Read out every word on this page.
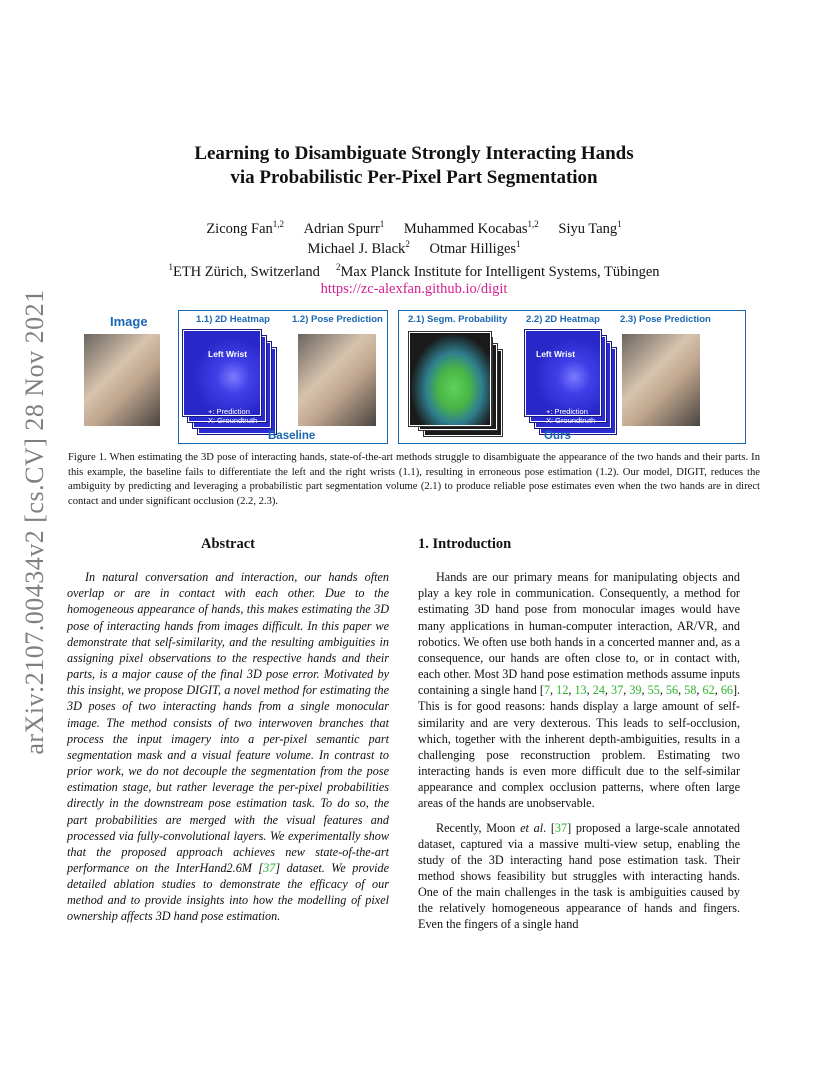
arXiv:2107.00434v2 [cs.CV] 28 Nov 2021
Learning to Disambiguate Strongly Interacting Hands
via Probabilistic Per-Pixel Part Segmentation
Zicong Fan$^{1,2}$ Adrian Spurr$^1$ Muhammed Kocabas$^{1,2}$ Siyu Tang$^1$
Michael J. Black$^2$ Otmar Hilliges$^1$
$^1$ETH Zürich, Switzerland $^2$Max Planck Institute for Intelligent Systems, Tübingen
https://zc-alexfan.github.io/digit
Image	1.1) 2D Heatmap 1.2) Pose Prediction
Left Wrist
+: Prediction
X: Groundtruth
Baseline
2.1) Segm. Probability 2.2) 2D Heatmap 2.3) Pose Prediction
Left Wrist
+: Prediction
X: Groundtruth
Ours
Figure 1. When estimating the 3D pose of interacting hands, state-of-the-art methods struggle to disambiguate the appearance of the two hands and their parts. In this example, the baseline fails to differentiate the left and the right wrists (1.1), resulting in erroneous pose estimation (1.2). Our model, DIGIT, reduces the ambiguity by predicting and leveraging a probabilistic part segmentation volume (2.1) to produce reliable pose estimates even when the two hands are in direct contact and under significant occlusion (2.2, 2.3).
Abstract

In natural conversation and interaction, our hands often overlap or are in contact with each other. Due to the homogeneous appearance of hands, this makes estimating the 3D pose of interacting hands from images difficult. In this paper we demonstrate that self-similarity, and the resulting ambiguities in assigning pixel observations to the respective hands and their parts, is a major cause of the final 3D pose error. Motivated by this insight, we propose DIGIT, a novel method for estimating the 3D poses of two interacting hands from a single monocular image. The method consists of two interwoven branches that process the input imagery into a per-pixel semantic part segmentation mask and a visual feature volume. In contrast to prior work, we do not decouple the segmentation from the pose estimation stage, but rather leverage the per-pixel probabilities directly in the downstream pose estimation task. To do so, the part probabilities are merged with the visual features and processed via fully-convolutional layers. We experimentally show that the proposed approach achieves new state-of-the-art performance on the InterHand2.6M [37] dataset. We provide detailed ablation studies to demonstrate the efficacy of our method and to provide insights into how the modelling of pixel ownership affects 3D hand pose estimation.

1. Introduction

Hands are our primary means for manipulating objects and play a key role in communication. Consequently, a method for estimating 3D hand pose from monocular images would have many applications in human-computer interaction, AR/VR, and robotics. We often use both hands in a concerted manner and, as a consequence, our hands are often close to, or in contact with, each other. Most 3D hand pose estimation methods assume inputs containing a single hand [7, 12, 13, 24, 37, 39, 55, 56, 58, 62, 66]. This is for good reasons: hands display a large amount of self-similarity and are very dexterous. This leads to self-occlusion, which, together with the inherent depth-ambiguities, results in a challenging pose reconstruction problem. Estimating two interacting hands is even more difficult due to the self-similar appearance and complex occlusion patterns, where often large areas of the hands are unobservable.

Recently, Moon et al. [37] proposed a large-scale annotated dataset, captured via a massive multi-view setup, enabling the study of the 3D interacting hand pose estimation task. Their method shows feasibility but struggles with interacting hands. One of the main challenges in the task is ambiguities caused by the relatively homogeneous appearance of hands and fingers. Even the fingers of a single hand
